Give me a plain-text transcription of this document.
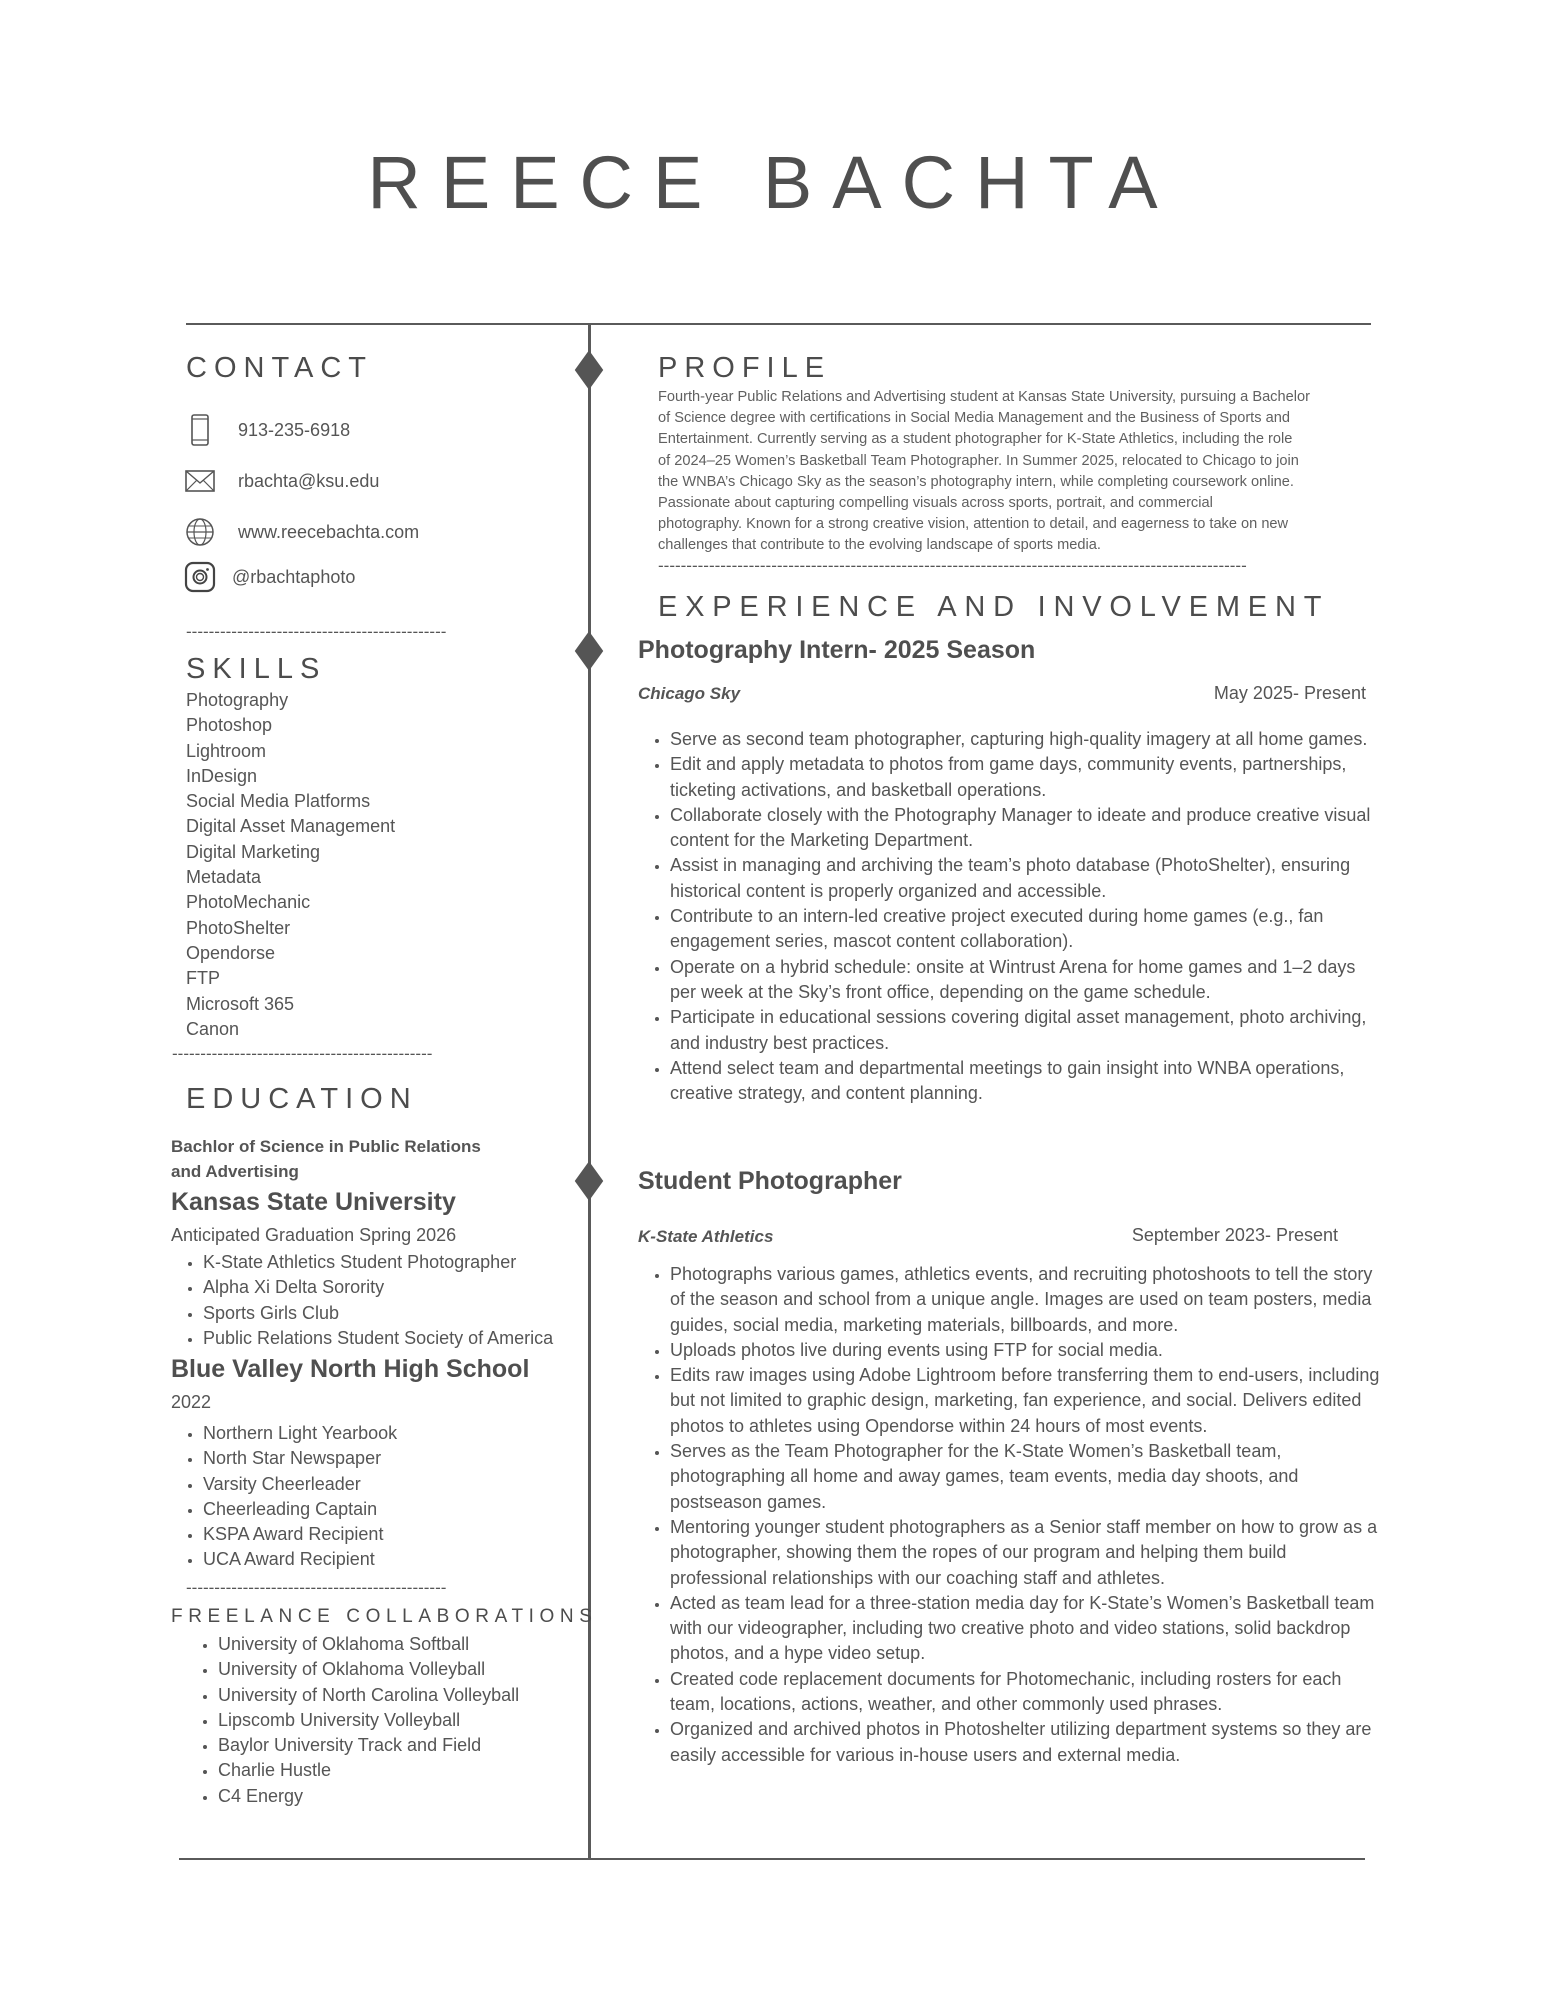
REECE BACHTA
CONTACT
913-235-6918
rbachta@ksu.edu
www.reecebachta.com
@rbachtaphoto
----------------------------------------------
SKILLS
Photography
Photoshop
Lightroom
InDesign
Social Media Platforms
Digital Asset Management
Digital Marketing
Metadata
PhotoMechanic
PhotoShelter
Opendorse
FTP
Microsoft 365
Canon
----------------------------------------------
EDUCATION
Bachlor of Science in Public Relations
and Advertising
Kansas State University
Anticipated Graduation Spring 2026
• K-State Athletics Student Photographer
• Alpha Xi Delta Sorority
• Sports Girls Club
• Public Relations Student Society of America
Blue Valley North High School
2022
• Northern Light Yearbook
• North Star Newspaper
• Varsity Cheerleader
• Cheerleading Captain
• KSPA Award Recipient
• UCA Award Recipient
----------------------------------------------
FREELANCE COLLABORATIONS
• University of Oklahoma Softball
• University of Oklahoma Volleyball
• University of North Carolina Volleyball
• Lipscomb University Volleyball
• Baylor University Track and Field
• Charlie Hustle
• C4 Energy
PROFILE
Fourth-year Public Relations and Advertising student at Kansas State University, pursuing a Bachelor
of Science degree with certifications in Social Media Management and the Business of Sports and
Entertainment. Currently serving as a student photographer for K-State Athletics, including the role
of 2024–25 Women’s Basketball Team Photographer. In Summer 2025, relocated to Chicago to join
the WNBA’s Chicago Sky as the season’s photography intern, while completing coursework online.
Passionate about capturing compelling visuals across sports, portrait, and commercial
photography. Known for a strong creative vision, attention to detail, and eagerness to take on new
challenges that contribute to the evolving landscape of sports media.
--------------------------------------------------------------------------------------------------------
EXPERIENCE AND INVOLVEMENT
Photography Intern- 2025 Season
Chicago Sky	May 2025- Present
• Serve as second team photographer, capturing high-quality imagery at all home games.
• Edit and apply metadata to photos from game days, community events, partnerships, ticketing activations, and basketball operations.
• Collaborate closely with the Photography Manager to ideate and produce creative visual content for the Marketing Department.
• Assist in managing and archiving the team’s photo database (PhotoShelter), ensuring historical content is properly organized and accessible.
• Contribute to an intern-led creative project executed during home games (e.g., fan engagement series, mascot content collaboration).
• Operate on a hybrid schedule: onsite at Wintrust Arena for home games and 1–2 days per week at the Sky’s front office, depending on the game schedule.
• Participate in educational sessions covering digital asset management, photo archiving, and industry best practices.
• Attend select team and departmental meetings to gain insight into WNBA operations, creative strategy, and content planning.
Student Photographer
K-State Athletics	September 2023- Present
• Photographs various games, athletics events, and recruiting photoshoots to tell the story of the season and school from a unique angle. Images are used on team posters, media guides, social media, marketing materials, billboards, and more.
• Uploads photos live during events using FTP for social media.
• Edits raw images using Adobe Lightroom before transferring them to end-users, including but not limited to graphic design, marketing, fan experience, and social. Delivers edited photos to athletes using Opendorse within 24 hours of most events.
• Serves as the Team Photographer for the K-State Women’s Basketball team, photographing all home and away games, team events, media day shoots, and postseason games.
• Mentoring younger student photographers as a Senior staff member on how to grow as a photographer, showing them the ropes of our program and helping them build professional relationships with our coaching staff and athletes.
• Acted as team lead for a three-station media day for K-State’s Women’s Basketball team with our videographer, including two creative photo and video stations, solid backdrop photos, and a hype video setup.
• Created code replacement documents for Photomechanic, including rosters for each team, locations, actions, weather, and other commonly used phrases.
• Organized and archived photos in Photoshelter utilizing department systems so they are easily accessible for various in-house users and external media.
